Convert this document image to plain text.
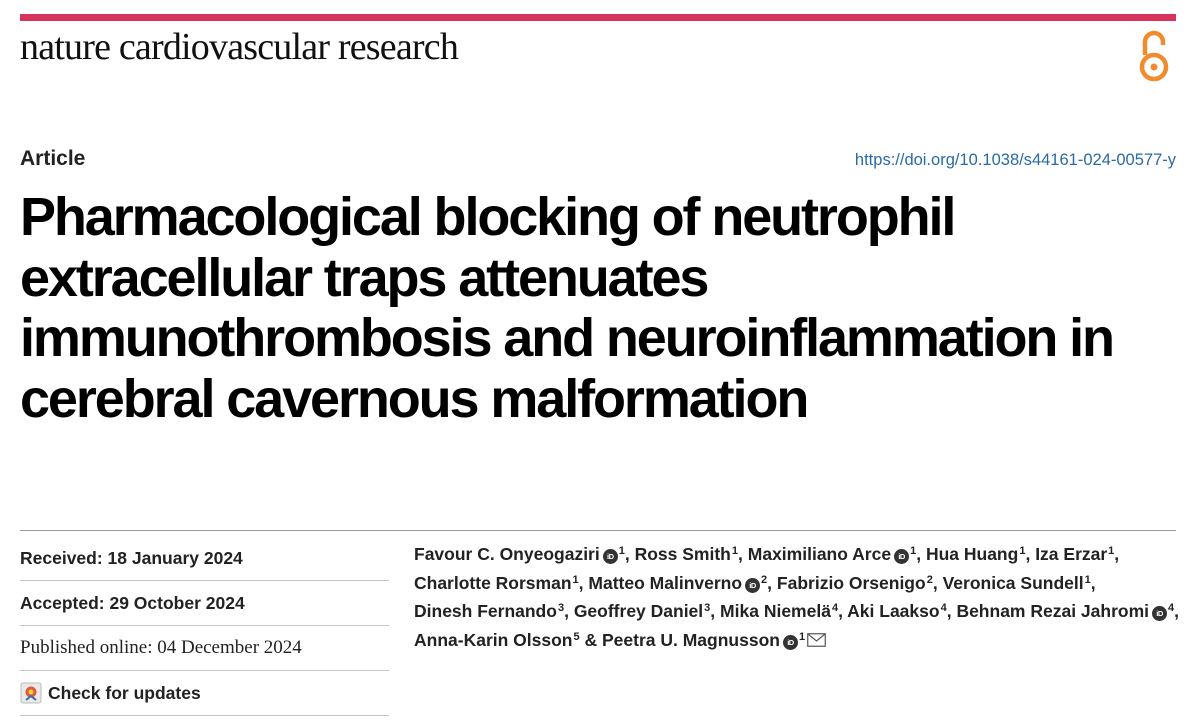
nature cardiovascular research
Article	https://doi.org/10.1038/s44161-024-00577-y
Pharmacological blocking of neutrophil extracellular traps attenuates immunothrombosis and neuroinflammation in cerebral cavernous malformation
Received: 18 January 2024
Accepted: 29 October 2024
Published online: 04 December 2024
Check for updates

Favour C. Onyeogaziri iD $^1$, Ross Smith$^1$, Maximiliano Arce iD $^1$, Hua Huang$^1$, Iza Erzar$^1$, Charlotte Rorsman$^1$, Matteo Malinverno iD $^2$, Fabrizio Orsenigo$^2$, Veronica Sundell$^1$, Dinesh Fernando$^3$, Geoffrey Daniel$^3$, Mika Niemelä$^4$, Aki Laakso$^4$, Behnam Rezai Jahromi iD $^4$, Anna-Karin Olsson$^5$ & Peetra U. Magnusson iD $^1$
